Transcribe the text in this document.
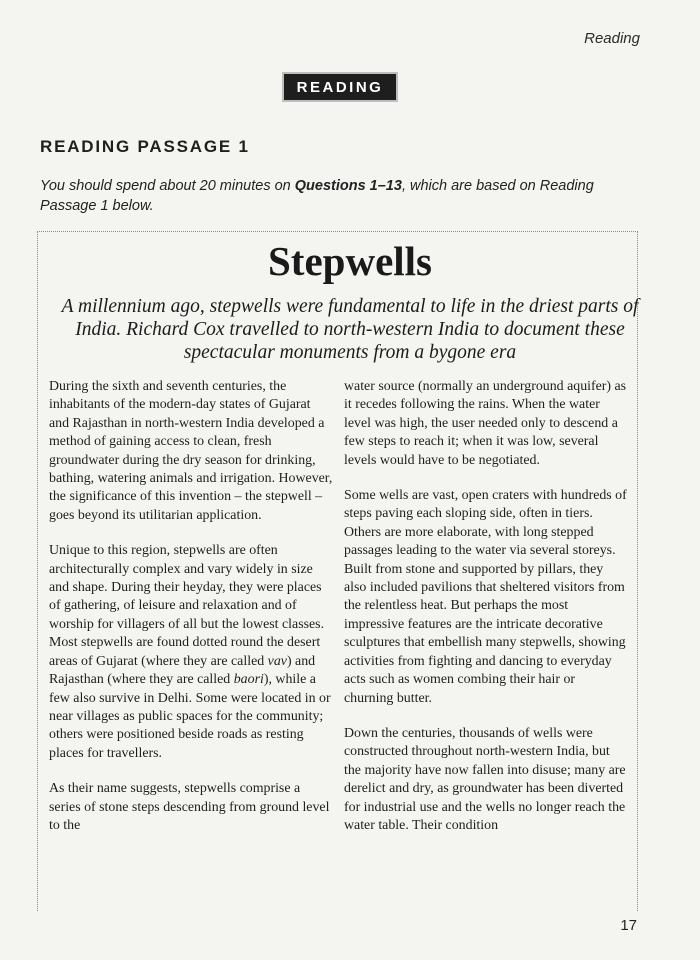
Reading
READING
READING PASSAGE 1
You should spend about 20 minutes on Questions 1–13, which are based on Reading Passage 1 below.
Stepwells
A millennium ago, stepwells were fundamental to life in the driest parts of India. Richard Cox travelled to north-western India to document these spectacular monuments from a bygone era

During the sixth and seventh centuries, the inhabitants of the modern-day states of Gujarat and Rajasthan in north-western India developed a method of gaining access to clean, fresh groundwater during the dry season for drinking, bathing, watering animals and irrigation. However, the significance of this invention – the stepwell – goes beyond its utilitarian application.

Unique to this region, stepwells are often architecturally complex and vary widely in size and shape. During their heyday, they were places of gathering, of leisure and relaxation and of worship for villagers of all but the lowest classes. Most stepwells are found dotted round the desert areas of Gujarat (where they are called vav) and Rajasthan (where they are called baori), while a few also survive in Delhi. Some were located in or near villages as public spaces for the community; others were positioned beside roads as resting places for travellers.

As their name suggests, stepwells comprise a series of stone steps descending from ground level to the

water source (normally an underground aquifer) as it recedes following the rains. When the water level was high, the user needed only to descend a few steps to reach it; when it was low, several levels would have to be negotiated.

Some wells are vast, open craters with hundreds of steps paving each sloping side, often in tiers. Others are more elaborate, with long stepped passages leading to the water via several storeys. Built from stone and supported by pillars, they also included pavilions that sheltered visitors from the relentless heat. But perhaps the most impressive features are the intricate decorative sculptures that embellish many stepwells, showing activities from fighting and dancing to everyday acts such as women combing their hair or churning butter.

Down the centuries, thousands of wells were constructed throughout north-western India, but the majority have now fallen into disuse; many are derelict and dry, as groundwater has been diverted for industrial use and the wells no longer reach the water table. Their condition

17
